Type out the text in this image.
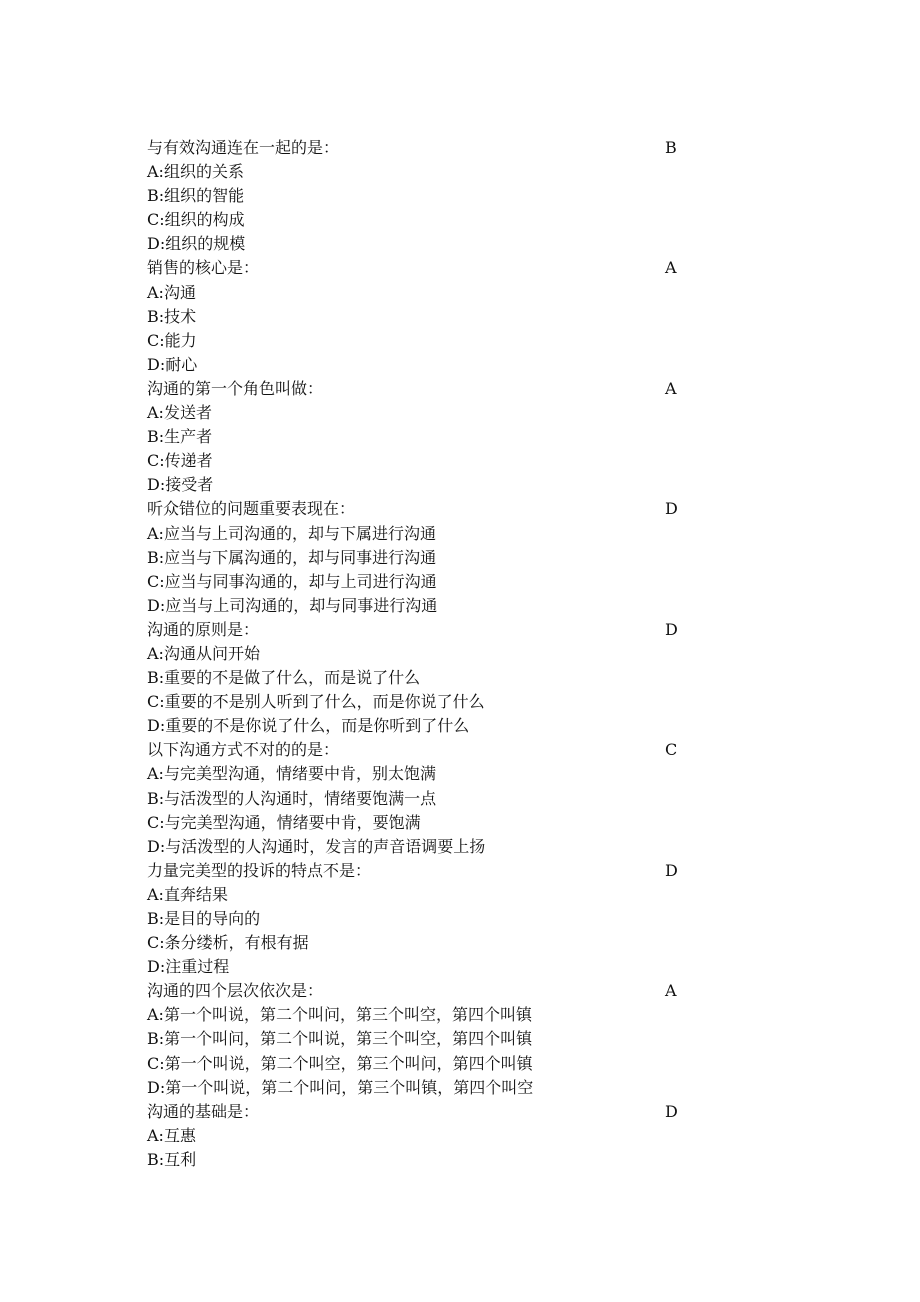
与有效沟通连在一起的是：	B
A:组织的关系
B:组织的智能
C:组织的构成
D:组织的规模
销售的核心是：	A
A:沟通
B:技术
C:能力
D:耐心
沟通的第一个角色叫做：	A
A:发送者
B:生产者
C:传递者
D:接受者
听众错位的问题重要表现在：	D
A:应当与上司沟通的，却与下属进行沟通
B:应当与下属沟通的，却与同事进行沟通
C:应当与同事沟通的，却与上司进行沟通
D:应当与上司沟通的，却与同事进行沟通
沟通的原则是：	D
A:沟通从问开始
B:重要的不是做了什么，而是说了什么
C:重要的不是别人听到了什么，而是你说了什么
D:重要的不是你说了什么，而是你听到了什么
以下沟通方式不对的的是：	C
A:与完美型沟通，情绪要中肯，别太饱满
B:与活泼型的人沟通时，情绪要饱满一点
C:与完美型沟通，情绪要中肯，要饱满
D:与活泼型的人沟通时，发言的声音语调要上扬
力量完美型的投诉的特点不是：	D
A:直奔结果
B:是目的导向的
C:条分缕析，有根有据
D:注重过程
沟通的四个层次依次是：	A
A:第一个叫说，第二个叫问，第三个叫空，第四个叫镇
B:第一个叫问，第二个叫说，第三个叫空，第四个叫镇
C:第一个叫说，第二个叫空，第三个叫问，第四个叫镇
D:第一个叫说，第二个叫问，第三个叫镇，第四个叫空
沟通的基础是：	D
A:互惠
B:互利
